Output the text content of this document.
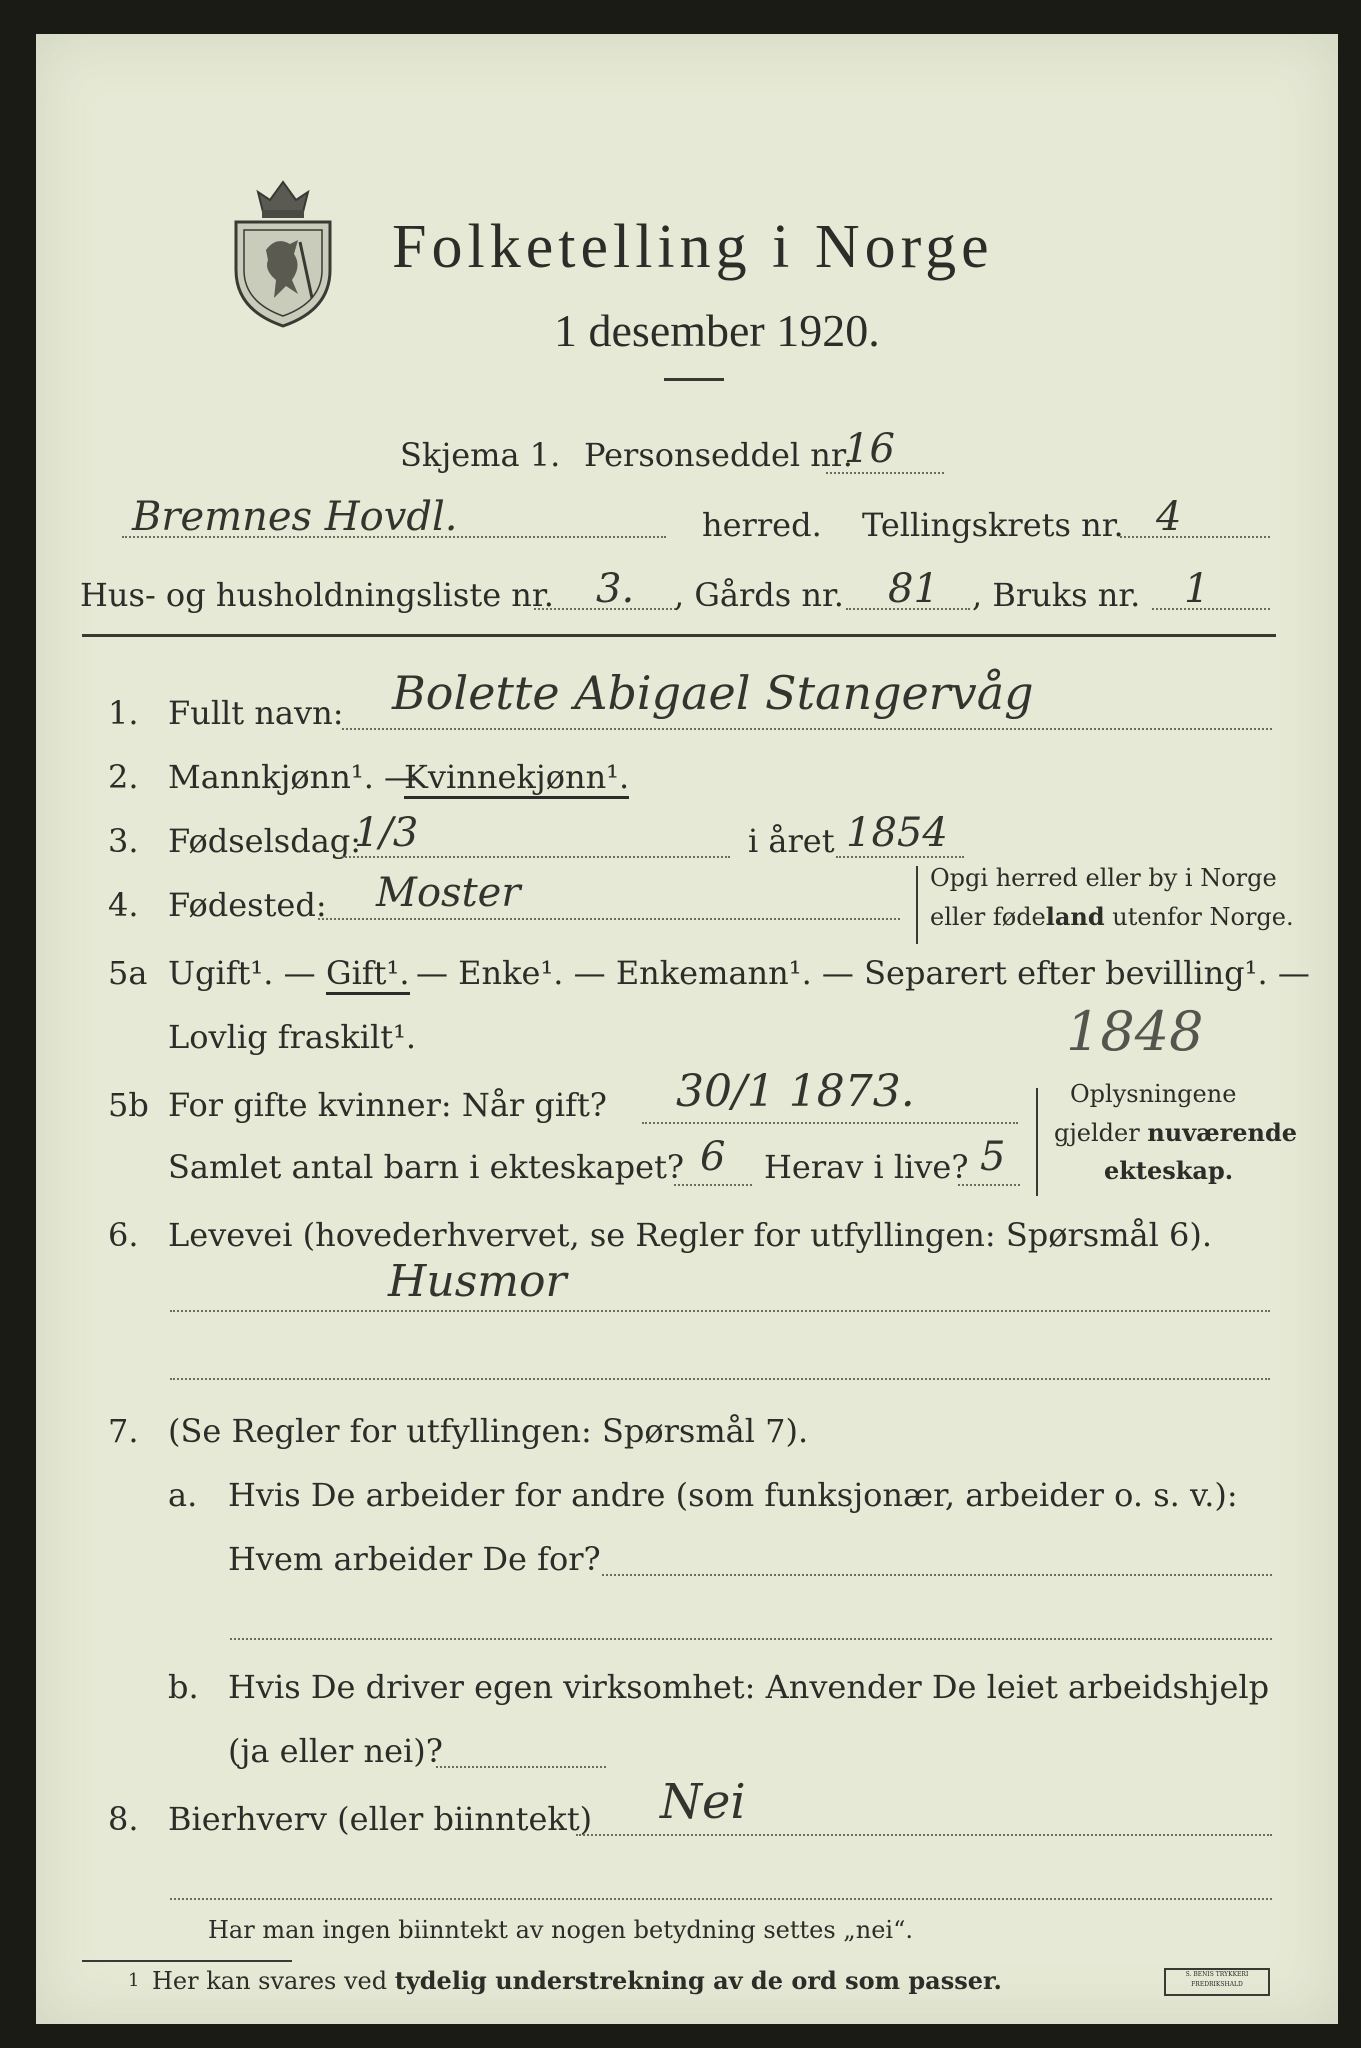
Folketelling i Norge
1 desember 1920.
Skjema 1. Personseddel nr.
16
Bremnes Hovdl.	herred. Tellingskrets nr. 4
Hus- og husholdningsliste nr. 3. , Gårds nr. 81 , Bruks nr. 1
1. Fullt navn: Bolette Abigael Stangervåg
2. Mannkjønn¹. —
Kvinnekjønn¹.
3. Fødselsdag:
1/3	i året 1854
4. Fødested: Moster	Opgi herred eller by i Norge
eller fødeland utenfor Norge.
5a Ugift¹. — Gift¹. — Enke¹. — Enkemann¹. — Separert efter bevilling¹. —
Lovlig fraskilt¹.	1848
5b For gifte kvinner: Når gift? 30/1 1873.
Samlet antal barn i ekteskapet? 6 Herav i live? 5
Oplysningene
gjelder nuværende
ekteskap.
6. Levevei (hovederhvervet, se Regler for utfyllingen: Spørsmål 6).
Husmor
7. (Se Regler for utfyllingen: Spørsmål 7).
a. Hvis De arbeider for andre (som funksjonær, arbeider o. s. v.):
Hvem arbeider De for?
b. Hvis De driver egen virksomhet: Anvender De leiet arbeidshjelp
(ja eller nei)?
8. Bierhverv (eller biinntekt) Nei
Har man ingen biinntekt av nogen betydning settes „nei“.
1 Her kan svares ved tydelig understrekning av de ord som passer.	S. BENIS TRYKKERI
FREDRIKSHALD
